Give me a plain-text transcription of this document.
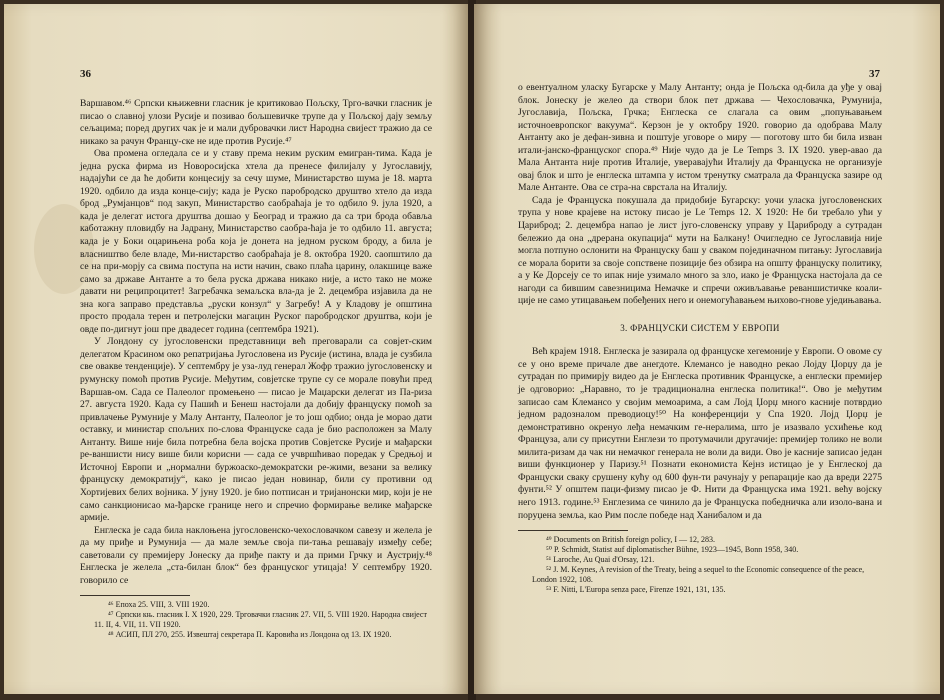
36

Варшавом.⁴⁶ Српски књижевни гласник је критиковао Пољску, Тргo-вачки гласник је писао о славној улози Русије и позивао бољшевичке трупе да у Пољској дају земљу сељацима; поред других чак је и мали дубровачки лист Народна свијест тражио да се никако за рачун Францу-ске не иде против Русије.⁴⁷

Ова промена огледала се и у ставу према неким руским емигран-тима. Када је једна руска фирма из Новоросијска хтела да пренесе филијалу у Југославију, надајући се да ће добити концесију за сечу шуме, Министарство шума је 18. марта 1920. одбило да изда конце-сију; када је Руско паробродско друштво хтело да изда брод „Румјанцов“ под закуп, Министарство саобраћаја је то одбило 9. јула 1920, а када је делегат истога друштва дошао у Београд и тражио да са три брода обавља каботажну пловидбу на Јадрану, Министарство саобра-ћаја је то одбило 11. августа; када је у Боки оцарињена роба која је донета на једном руском броду, а била је власништво беле владе, Ми-нистарство саобраћаја је 8. октобра 1920. саопштило да се на при-морју са свима поступа на исти начин, свако плаћа царину, олакшице важе само за државе Антанте а то бела руска држава никако није, а исто тако не може давати ни реципроцитет! Загребачка земаљска вла-да је 2. децембра изјавила да не зна кога заправо представља „руски конзул“ у Загребу! А у Кладову је општина просто продала терен и петролејски магацин Руског паробродског друштва, који је овде по-дигнут још пре двадесет година (септембра 1921).

У Лондону су југословенски представници већ преговарали са совјет-ским делегатом Красином око репатријања Југословена из Русије (истина, влада је сузбила све овакве тенденције). У септембру је уза-луд генерал Жофр тражио југословенску и румунску помоћ против Русије. Међутим, совјетске трупе су се морале повући пред Варшав-ом. Сада се Палеолог промењено — писао је Маџарски делегат из Па-риза 27. августа 1920. Када су Пашић и Бенеш настојали да добију француску помоћ за привлачење Румуније у Малу Антанту, Палеолог је то још одбио; онда је морао дати оставку, и министар спољних по-слова Француске сада је био расположен за Малу Антанту. Више није била потребна бела војска против Совјетске Русије и мађарски ре-ваншисти нису више били корисни — сада се учвршћивао поредак у Средњој и Источној Европи и „нормални буржоаско-демократски ре-жими, везани за велику француску демократију“, како је писао један новинар, били су противни од Хортијевих белих војника. У јуну 1920. је био потписан и тријанонски мир, који је не само санкционисао ма-ђарске границе него и спречио формирање велике мађарске армије.

Енглеска је сада била наклоњена југословенско-чехословачком савезу и желела је да му приђе и Румунија — да мале земље своја пи-тања решавају између себе; саветовали су премијеру Јонеску да приђе пакту и да прими Грчку и Аустрију.⁴⁸ Енглеска је желела „ста-билан блок“ без француског утицаја! У септембру 1920. говорило се

⁴⁶ Епоха 25. VIII, 3. VIII 1920.

⁴⁷ Српски књ. гласник I. X 1920, 229. Трговачки гласник 27. VII, 5. VIII 1920. Народна свијест 11. II, 4. VII, 11. VII 1920.

⁴⁸ АСИП, ПЛ 270, 255. Извештај секретара П. Каровића из Лондона од 13. IX 1920.

37

о евентуалном уласку Бугарске у Малу Антанту; онда је Пољска од-била да уђе у овај блок. Јонеску је желео да створи блок пет држава — Чехословачка, Румунија, Југославија, Пољска, Грчка; Енглеска се слагала са овим „попуњавањем источноевропског вакуума“. Керзон је у октобру 1920. говорио да одобрава Малу Антанту ако је дефан-зивна и поштује уговоре о миру — поготову што би била изван итали-јанско-француског спора.⁴⁹ Није чудо да је Le Temps 3. IX 1920. увер-авао да Мала Антанта није против Италије, уверавајући Италију да Француска не организује овај блок и што је енглеска штампа у истом тренутку сматрала да Француска зазире од Мале Антанте. Ова се стра-на сврстала на Италију.

Сада је Француска покушала да придобије Бугарску: уочи уласка југословенских трупа у нове крајеве на истоку писао је Le Temps 12. X 1920: Не би требало ући у Цариброд; 2. децембра напао је лист југо-словенску управу у Цариброду а сутрадан бележио да она „дрерана окупација“ мути на Балкану! Очигледно се Југославија није могла потпуно ослонити на Француску баш у сваком појединачном питању: Југославија се морала борити за своје сопствене позиције без обзира на општу француску политику, а у Ке Дорсеју се то ипак није узимало много за зло, иако је Француска настојала да се нагоди са бившим савезницима Немачке и спречи оживљавање реваншистичке коали-ције не само утицавањем побеђених него и онемогућавањем њихово-гнове уједињавања.

3. ФРАНЦУСКИ СИСТЕМ У ЕВРОПИ

Већ крајем 1918. Енглеска је зазирала од француске хегемоније у Европи. О овоме су се у оно време причале две анегдоте. Клемансо је наводно рекао Лојду Џорџу да је сутрадан по примирју видео да је Енглеска противник Француске, а енглески премијер је одговорио: „Наравно, то је традиционална енглеска политика!“. Ово је међутим записао сам Клемансо у својим мемоарима, а сам Лојд Џорџ много касније потврдио једном радозналом преводиоцу!⁵⁰ На конференцији у Спа 1920. Лојд Џорџ је демонстративно окренуо леђа немачким ге-нералима, што је изазвало усхићење код Француза, али су присутни Енглези то протумачили другачије: премијер толико не воли милита-ризам да чак ни немачког генерала не воли да види. Ово је касније записао један виши функционер у Паризу.⁵¹ Познати економиста Кејнз истицао је у Енглеској да Француски сваку срушену кућу од 600 фун-ти рачунају у репарације као да вреди 2275 фунти.⁵² У општем паци-физму писао је Ф. Нити да Француска има 1921. већу војску него 1913. године.⁵³ Енглезима се чинило да је Француска победничка али изоло-вана и поруџена земља, као Рим после победе над Ханибалом и да

⁴⁹ Documents on British foreign policy, I — 12, 283.

⁵⁰ P. Schmidt, Statist auf diplomatischer Bühne, 1923—1945, Bonn 1958, 340.

⁵¹ Laroche, Au Quai d'Orsay, 121.

⁵² J. M. Keynes, A revision of the Treaty, being a sequel to the Economic consequence of the peace, London 1922, 108.

⁵³ F. Nitti, L'Europa senza pace, Firenze 1921, 131, 135.
